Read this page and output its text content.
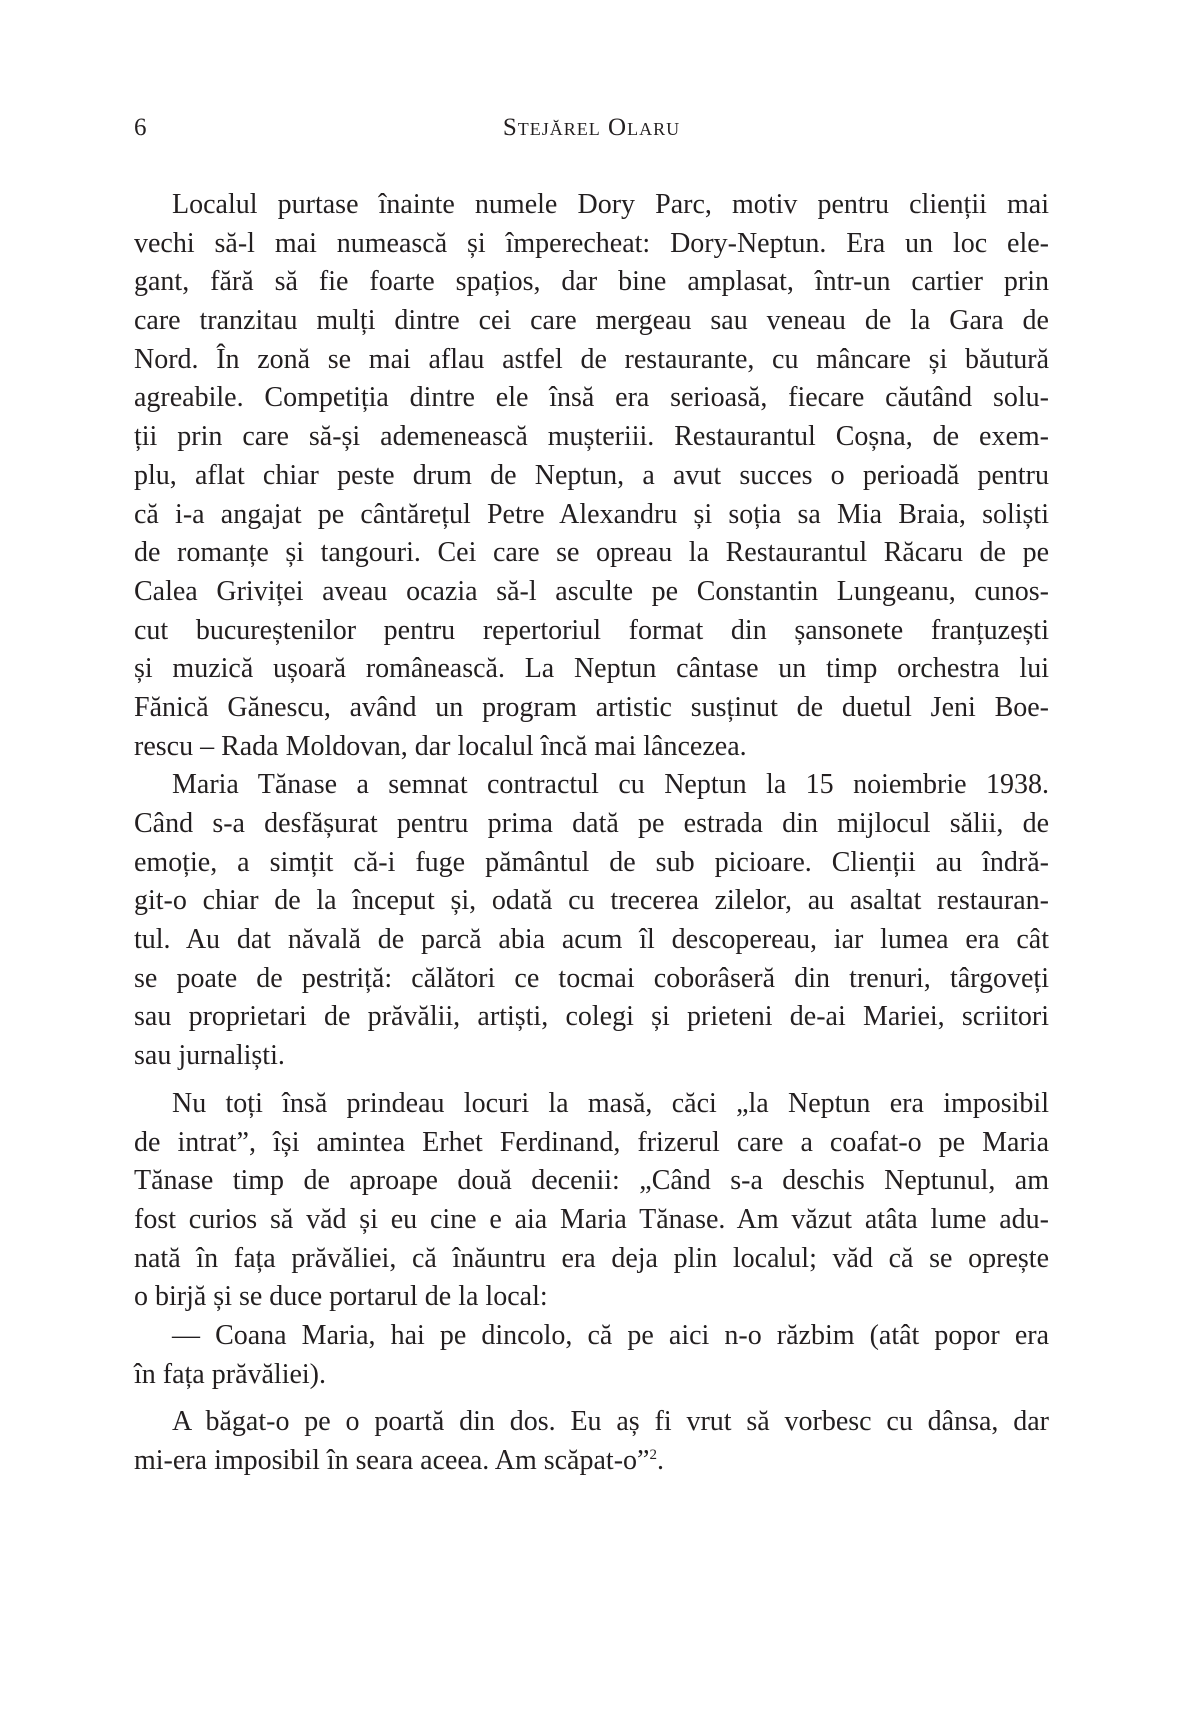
6	Stejărel Olaru
Localul purtase înainte numele Dory Parc, motiv pentru clienții mai
vechi să-l mai numească și împerecheat: Dory-Neptun. Era un loc ele-
gant, fără să fie foarte spațios, dar bine amplasat, într-un cartier prin
care tranzitau mulți dintre cei care mergeau sau veneau de la Gara de
Nord. În zonă se mai aflau astfel de restaurante, cu mâncare și băutură
agreabile. Competiția dintre ele însă era serioasă, fiecare căutând solu-
ții prin care să-și ademenească mușteriii. Restaurantul Coșna, de exem-
plu, aflat chiar peste drum de Neptun, a avut succes o perioadă pentru
că i-a angajat pe cântărețul Petre Alexandru și soția sa Mia Braia, soliști
de romanțe și tangouri. Cei care se opreau la Restaurantul Răcaru de pe
Calea Griviței aveau ocazia să-l asculte pe Constantin Lungeanu, cunos-
cut bucureștenilor pentru repertoriul format din șansonete franțuzești
și muzică ușoară românească. La Neptun cântase un timp orchestra lui
Fănică Gănescu, având un program artistic susținut de duetul Jeni Boe-
rescu – Rada Moldovan, dar localul încă mai lâncezea.
Maria Tănase a semnat contractul cu Neptun la 15 noiembrie 1938.
Când s-a desfășurat pentru prima dată pe estrada din mijlocul sălii, de
emoție, a simțit că-i fuge pământul de sub picioare. Clienții au îndră-
git-o chiar de la început și, odată cu trecerea zilelor, au asaltat restauran-
tul. Au dat năvală de parcă abia acum îl descopereau, iar lumea era cât
se poate de pestriță: călători ce tocmai coborâseră din trenuri, târgoveți
sau proprietari de prăvălii, artiști, colegi și prieteni de-ai Mariei, scriitori
sau jurnaliști.
Nu toți însă prindeau locuri la masă, căci „la Neptun era imposibil
de intrat”, își amintea Erhet Ferdinand, frizerul care a coafat-o pe Maria
Tănase timp de aproape două decenii: „Când s-a deschis Neptunul, am
fost curios să văd și eu cine e aia Maria Tănase. Am văzut atâta lume adu-
nată în fața prăvăliei, că înăuntru era deja plin localul; văd că se oprește
o birjă și se duce portarul de la local:
— Coana Maria, hai pe dincolo, că pe aici n-o răzbim (atât popor era
în fața prăvăliei).
A băgat-o pe o poartă din dos. Eu aș fi vrut să vorbesc cu dânsa, dar
mi-era imposibil în seara aceea. Am scăpat-o”$^2$.
